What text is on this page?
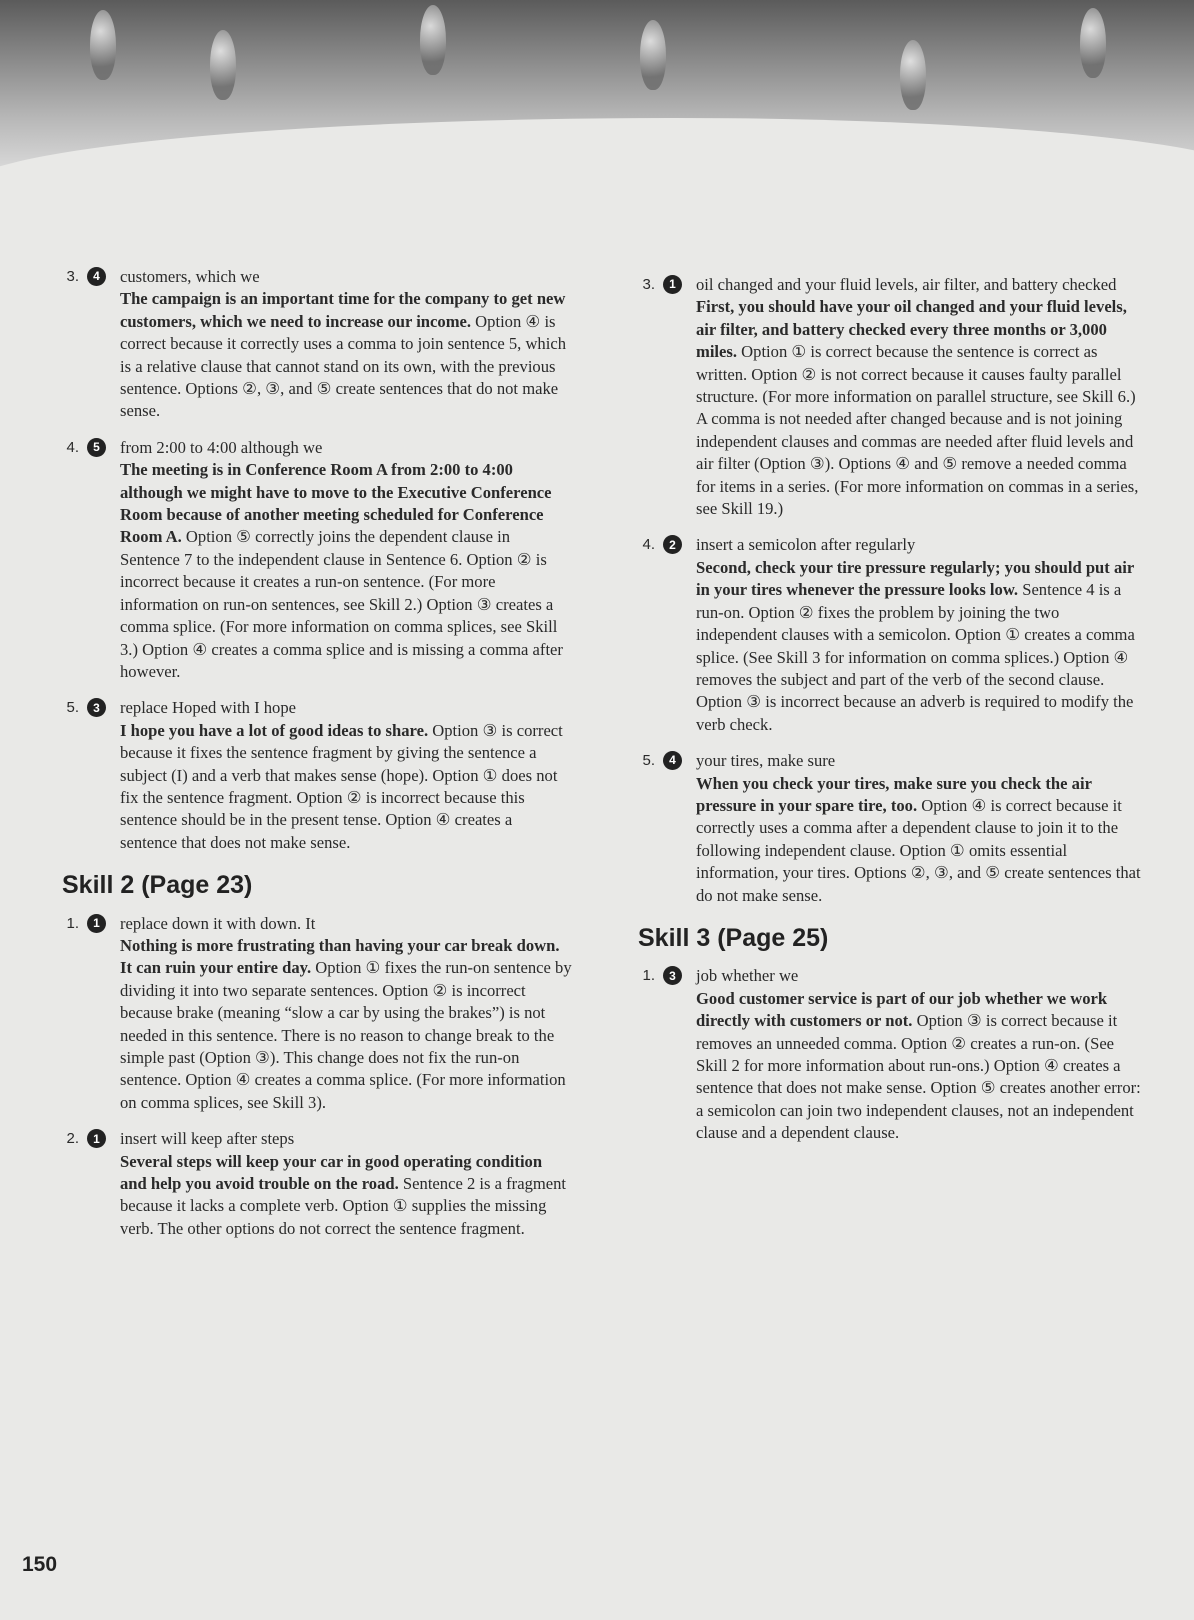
3.	4	customers, which we
The campaign is an important time for the company to get new customers, which we need to increase our income. Option ④ is correct because it correctly uses a comma to join sentence 5, which is a relative clause that cannot stand on its own, with the previous sentence. Options ②, ③, and ⑤ create sentences that do not make sense.
4.	5	from 2:00 to 4:00 although we
The meeting is in Conference Room A from 2:00 to 4:00 although we might have to move to the Executive Conference Room because of another meeting scheduled for Conference Room A. Option ⑤ correctly joins the dependent clause in Sentence 7 to the independent clause in Sentence 6. Option ② is incorrect because it creates a run-on sentence. (For more information on run-on sentences, see Skill 2.) Option ③ creates a comma splice. (For more information on comma splices, see Skill 3.) Option ④ creates a comma splice and is missing a comma after however.
5.	3	replace Hoped with I hope
I hope you have a lot of good ideas to share. Option ③ is correct because it fixes the sentence fragment by giving the sentence a subject (I) and a verb that makes sense (hope). Option ① does not fix the sentence fragment. Option ② is incorrect because this sentence should be in the present tense. Option ④ creates a sentence that does not make sense.
Skill 2 (Page 23)
1.	1	replace down it with down. It
Nothing is more frustrating than having your car break down. It can ruin your entire day. Option ① fixes the run-on sentence by dividing it into two separate sentences. Option ② is incorrect because brake (meaning “slow a car by using the brakes”) is not needed in this sentence. There is no reason to change break to the simple past (Option ③). This change does not fix the run-on sentence. Option ④ creates a comma splice. (For more information on comma splices, see Skill 3).
2.	1	insert will keep after steps
Several steps will keep your car in good operating condition and help you avoid trouble on the road. Sentence 2 is a fragment because it lacks a complete verb. Option ① supplies the missing verb. The other options do not correct the sentence fragment.
3.	1	oil changed and your fluid levels, air filter, and battery checked
First, you should have your oil changed and your fluid levels, air filter, and battery checked every three months or 3,000 miles. Option ① is correct because the sentence is correct as written. Option ② is not correct because it causes faulty parallel structure. (For more information on parallel structure, see Skill 6.) A comma is not needed after changed because and is not joining independent clauses and commas are needed after fluid levels and air filter (Option ③). Options ④ and ⑤ remove a needed comma for items in a series. (For more information on commas in a series, see Skill 19.)
4.	2	insert a semicolon after regularly
Second, check your tire pressure regularly; you should put air in your tires whenever the pressure looks low. Sentence 4 is a run-on. Option ② fixes the problem by joining the two independent clauses with a semicolon. Option ① creates a comma splice. (See Skill 3 for information on comma splices.) Option ④ removes the subject and part of the verb of the second clause. Option ③ is incorrect because an adverb is required to modify the verb check.
5.	4	your tires, make sure
When you check your tires, make sure you check the air pressure in your spare tire, too. Option ④ is correct because it correctly uses a comma after a dependent clause to join it to the following independent clause. Option ① omits essential information, your tires. Options ②, ③, and ⑤ create sentences that do not make sense.
Skill 3 (Page 25)
1.	3	job whether we
Good customer service is part of our job whether we work directly with customers or not. Option ③ is correct because it removes an unneeded comma. Option ② creates a run-on. (See Skill 2 for more information about run-ons.) Option ④ creates a sentence that does not make sense. Option ⑤ creates another error: a semicolon can join two independent clauses, not an independent clause and a dependent clause.
150
